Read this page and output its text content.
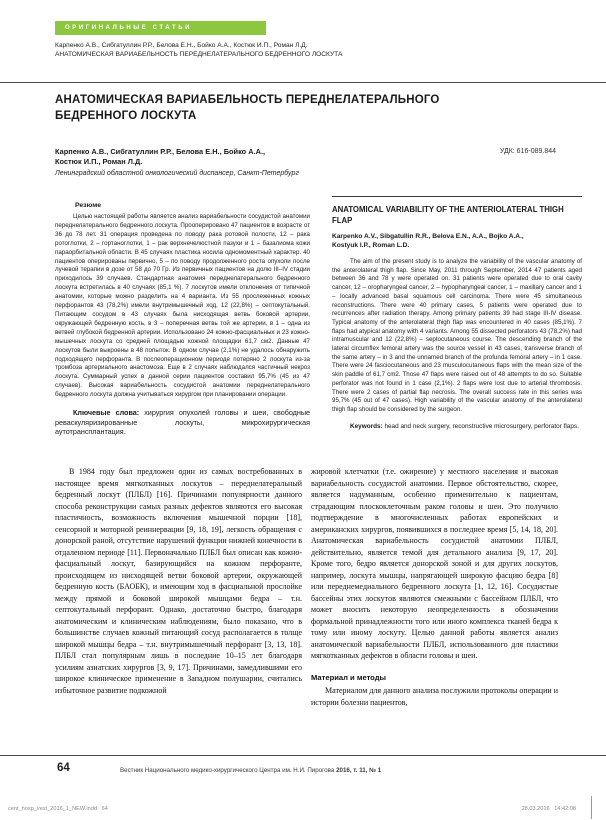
ОРИГИНАЛЬНЫЕ СТАТЬИ
Карпенко А.В., Сибгатуллин Р.Р., Белова Е.Н., Бойко А.А., Костюк И.П., Роман Л.Д.
АНАТОМИЧЕСКАЯ ВАРИАБЕЛЬНОСТЬ ПЕРЕДНЕЛАТЕРАЛЬНОГО БЕДРЕННОГО ЛОСКУТА
АНАТОМИЧЕСКАЯ ВАРИАБЕЛЬНОСТЬ ПЕРЕДНЕЛАТЕРАЛЬНОГО БЕДРЕННОГО ЛОСКУТА
Карпенко А.В., Сибгатуллин Р.Р., Белова Е.Н., Бойко А.А.,
Костюк И.П., Роман Л.Д.
УДК: 616-089.844
Ленинградский областной онкологический диспансер, Санкт-Петербург
Резюме

Целью настоящей работы является анализ вариабельности сосудистой анатомии переднелатерального бедренного лоскута. Прооперировано 47 пациентов в возрасте от 36 до 78 лет. 31 операция проведена по поводу рака ротовой полости, 12 – рака ротоглотки, 2 – гортаноглотки, 1 – рак верхнечелюстной пазухи и 1 – базалиома кожи параорбитальной области. В 45 случаях пластика носила одномоментный характер. 40 пациентов оперированы первично, 5 – по поводу продолженного роста опухоли после лучевой терапии в дозе от 58 до 70 Гр. Из первичных пациентов на долю III–IV стадии приходилось 39 случаев. Стандартная анатомия переднелатерального бедренного лоскута встретилась в 40 случаях (85,1 %). 7 лоскутов имели отклонения от типичной анатомии, которые можно разделить на 4 варианта. Из 55 прослеженных кожных перфорантов 43 (78,2%) имели внутримышечный ход, 12 (22,8%) – септокутальный. Питающим сосудом в 43 случаях была нисходящая ветвь боковой артерии, окружающей бедренную кость, в 3 – поперечная ветвь той же артерии, в 1 – одна из ветвей глубокой бедренной артерии. Использовано 24 кожно-фасциальных и 23 кожно-мышечных лоскута со средней площадью кожной площадки 61,7 см2. Данные 47 лоскутов были выкроены в 48 попыток. В одном случае (2,1%) не удалось обнаружить подходящего перфоранта. В послеоперационном периоде потеряно 2 лоскута из-за тромбоза артериального анастомоза. Еще в 2 случаях наблюдался частичный некроз лоскута. Суммарный успех в данной серии пациентов составил 95,7% (45 из 47 случаев). Высокая вариабельность сосудистой анатомии переднелатерального бедренного лоскута должна учитываться хирургом при планировании операции.

Ключевые слова: хирургия опухолей головы и шеи, свободные реваскуляризированные лоскуты, микрохирургическая аутотрансплантация.

ANATOMICAL VARIABILITY OF THE ANTERIOLATERAL THIGH FLAP
Karpenko A.V., Sibgatullin R.R., Belova E.N., A.A., Bojko A.A.,
Kostyuk I.P., Roman L.D.

The aim of the present study is to analyze the variability of the vascular anatomy of the anterolateral thigh flap. Since May, 2011 through September, 2014 47 patients aged between 36 and 78 y were operated on. 31 patients were operated due to oral cavity cancer, 12 – oropharyngeal cancer, 2 – hypopharyngeal cancer, 1 – maxillary cancer and 1 – locally advanced basal squamous cell carcinoma. There were 45 simultaneous reconstructions. There were 40 primary cases, 5 patients were operated due to recurrences after radiation therapy. Among primary patients 39 had stage III-IV disease. Typical anatomy of the anterolateral thigh flap was encountered in 40 cases (85,1%). 7 flaps had atypical anatomy with 4 variants. Among 55 dissected perforators 43 (78,2%) had intramuscular and 12 (22,8%) – septocutaneous course. The descending branch of the lateral circumflex femoral artery was the source vessel in 43 cases, transverse branch of the same artery – in 3 and the unnamed branch of the profunda femoral artery – in 1 case. There were 24 fasciocutaneous and 23 musculocutaneous flaps with the mean size of the skin paddle of 61,7 cm2. Those 47 flaps were raised out of 48 attempts to do so. Suitable perforator was not found in 1 case (2,1%). 2 flaps were lost due to arterial thrombosis. There were 2 cases of partial flap necrosis. The overall success rate in this series was 95,7% (45 out of 47 cases). High variability of the vascular anatomy of the anterolateral thigh flap should be considered by the surgeon.

Keywords: head and neck surgery, reconstructive microsurgery, perforator flaps.

В 1984 году был предложен один из самых востребованных в настоящее время мягкотканных лоскутов – переднелатеральный бедренный лоскут (ПЛБЛ) [16]. Причинами популярности данного способа реконструкции самых разных дефектов являются его высокая пластичность, возможность включения мышечной порции [18], сенсорной и моторной реиннервации [9, 18, 19], легкость обращения с донорской раной, отсутствие нарушений функции нижней конечности в отдаленном периоде [11]. Первоначально ПЛБЛ был описан как кожно-фасциальный лоскут, базирующийся на кожном перфоранте, происходящем из нисходящей ветви боковой артерии, окружающей бедренную кость (БАОБК), и имеющим ход в фасциальной прослойке между прямой и боковой широкой мышцами бедра – т.н. септокутальный перфорант. Однако, достаточно быстро, благодаря анатомическим и клиническим наблюдениям, было показано, что в большинстве случаев кожный питающий сосуд располагается в толще широкой мышцы бедра – т.н. внутримышечный перфорант [3, 13, 18]. ПЛБЛ стал популярным лишь в последние 10–15 лет благодаря усилиям азиатских хирургов [3, 9, 17]. Причинами, замедлившими его широкое клиническое применение в Западном полушарии, считались избыточное развитие подкожной

жировой клетчатки (т.е. ожирение) у местного населения и высокая вариабельность сосудистой анатомии. Первое обстоятельство, скорее, является надуманным, особенно применительно к пациентам, страдающим плоскоклеточным раком головы и шеи. Это получило подтверждение в многочисленных работах европейских и американских хирургов, появившихся в последнее время [5, 14, 18, 20]. Анатомическая вариабельность сосудистой анатомии ПЛБЛ, действительно, является темой для детального анализа [9, 17, 20]. Кроме того, бедро является донорской зоной и для других лоскутов, например, лоскута мышцы, напрягающей широкую фасцию бедра [8] или переднемедиального бедренного лоскута [1, 12, 16]. Сосудистые бассейны этих лоскутов являются смежными с бассейном ПЛБЛ, что может вносить некоторую неопределенность в обозначении формальной принадлежности того или иного комплекса тканей бедра к тому или иному лоскуту. Целью данной работы является анализ анатомической вариабельности ПЛБЛ, использованного для пластики мягкотканных дефектов в области головы и шеи.

Материал и методы

Материалом для данного анализа послужили протоколы операции и истории болезни пациентов,

64	Вестник Национального медико-хирургического Центра им. Н.И. Пирогова 2016, т. 11, № 1
cent_hosp_vest_2016_1_NEW.indd   64	28.03.2016   14:42:08
